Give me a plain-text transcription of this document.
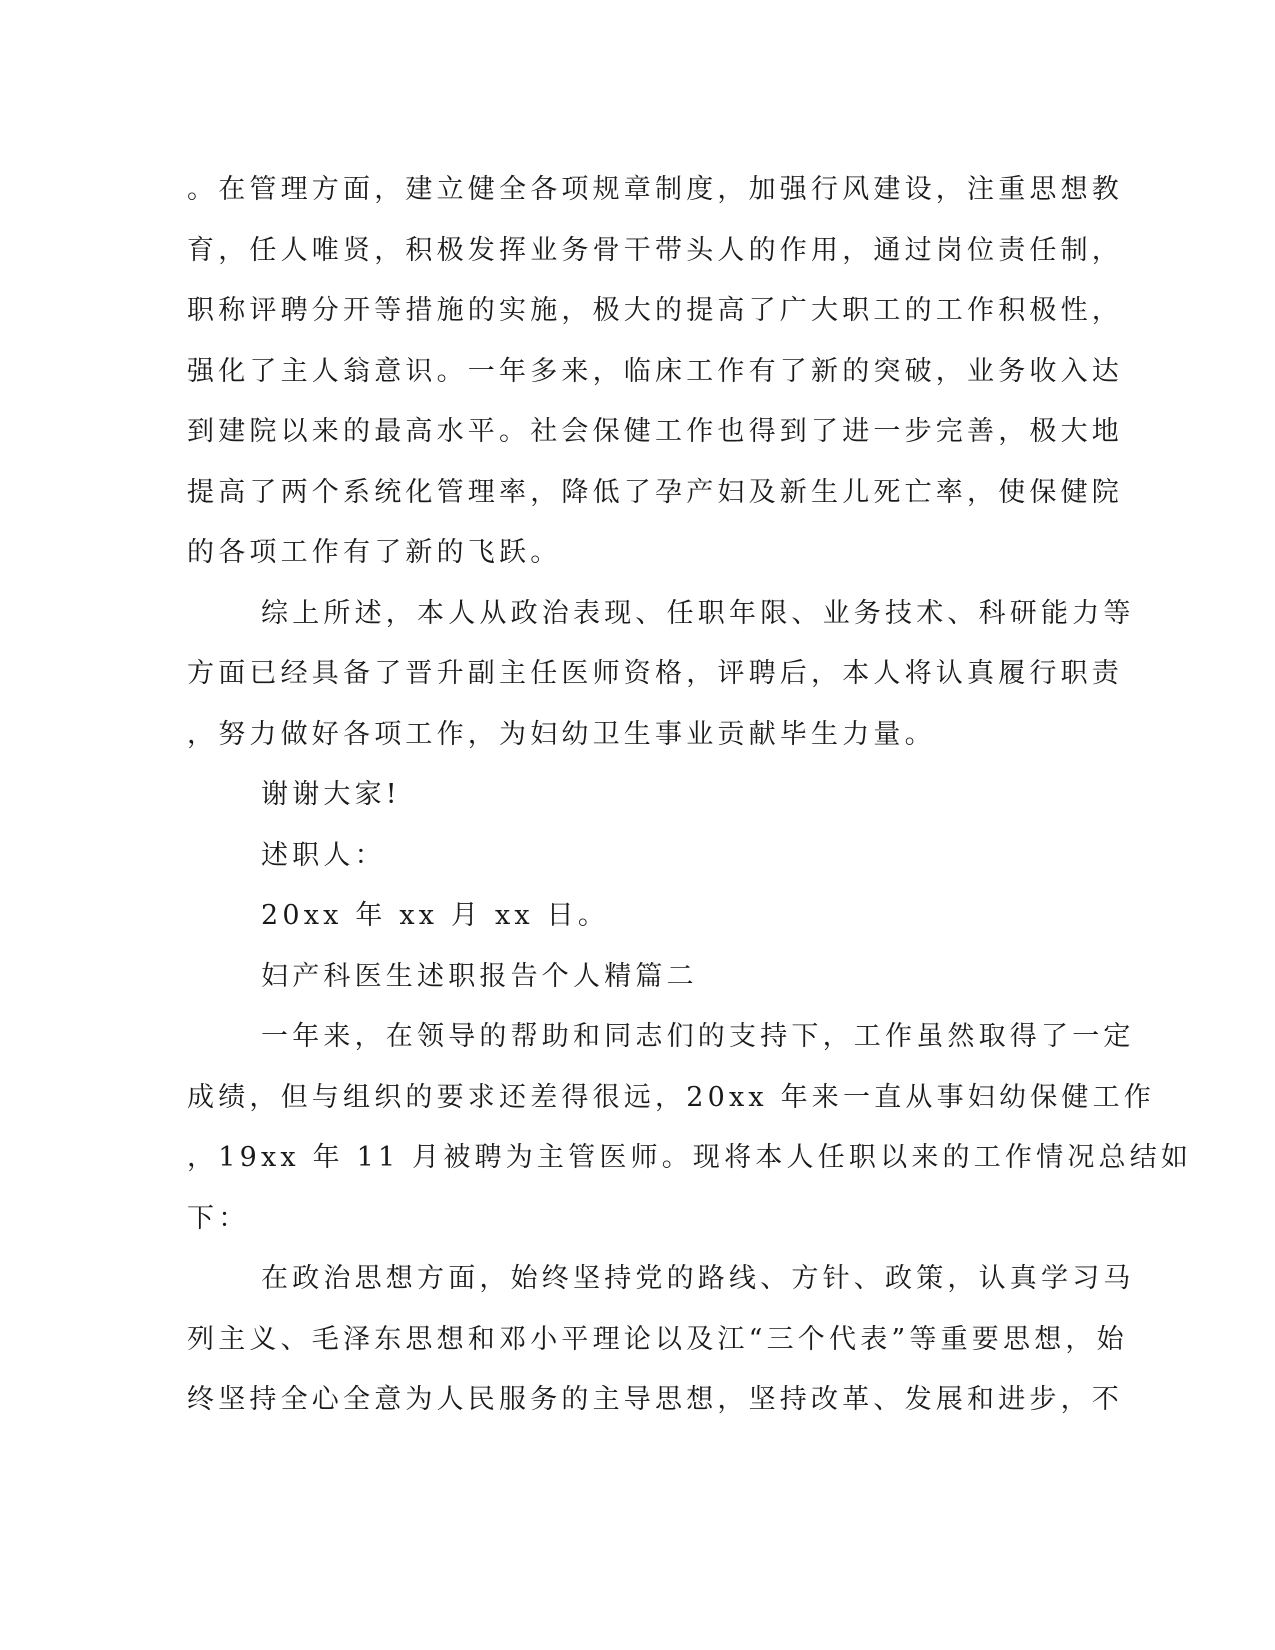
。在管理方面，建立健全各项规章制度，加强行风建设，注重思想教
育，任人唯贤，积极发挥业务骨干带头人的作用，通过岗位责任制，
职称评聘分开等措施的实施，极大的提高了广大职工的工作积极性，
强化了主人翁意识。一年多来，临床工作有了新的突破，业务收入达
到建院以来的最高水平。社会保健工作也得到了进一步完善，极大地
提高了两个系统化管理率，降低了孕产妇及新生儿死亡率，使保健院
的各项工作有了新的飞跃。
综上所述，本人从政治表现、任职年限、业务技术、科研能力等
方面已经具备了晋升副主任医师资格，评聘后，本人将认真履行职责
，努力做好各项工作，为妇幼卫生事业贡献毕生力量。
谢谢大家!
述职人：
20xx 年 xx 月 xx 日。
妇产科医生述职报告个人精篇二
一年来，在领导的帮助和同志们的支持下，工作虽然取得了一定
成绩，但与组织的要求还差得很远，20xx 年来一直从事妇幼保健工作
，19xx 年 11 月被聘为主管医师。现将本人任职以来的工作情况总结如
下：
在政治思想方面，始终坚持党的路线、方针、政策，认真学习马
列主义、毛泽东思想和邓小平理论以及江“三个代表”等重要思想，始
终坚持全心全意为人民服务的主导思想，坚持改革、发展和进步，不
